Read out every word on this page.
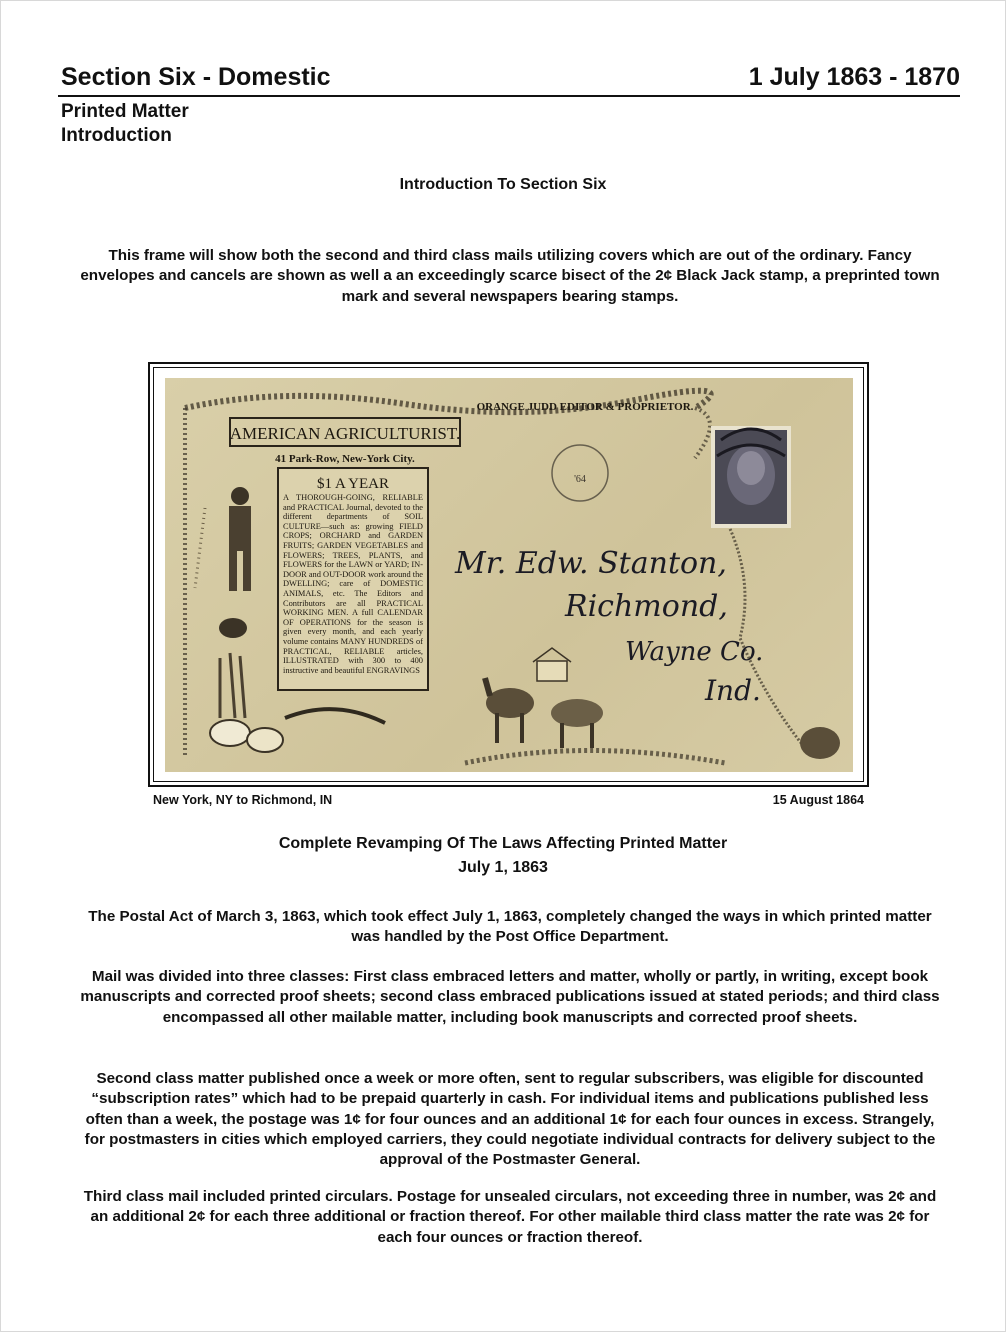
Section Six - Domestic	1 July 1863 - 1870
Printed Matter
Introduction
Introduction To Section Six

This frame will show both the second and third class mails utilizing covers which are out of the ordinary. Fancy envelopes and cancels are shown as well a an exceedingly scarce bisect of the 2¢ Black Jack stamp, a preprinted town mark and several newspapers bearing stamps.

AMERICAN AGRICULTURIST.
41 Park-Row, New-York City.
ORANGE JUDD EDITOR & PROPRIETOR.
$1 A YEAR
A THOROUGH-GOING, RELIABLE and PRACTICAL Journal, devoted to the different departments of SOIL CULTURE—such as: growing FIELD CROPS; ORCHARD and GARDEN FRUITS; GARDEN VEGETABLES and FLOWERS; TREES, PLANTS, and FLOWERS for the LAWN or YARD; IN-DOOR and OUT-DOOR work around the DWELLING; care of DOMESTIC ANIMALS, etc. The Editors and Contributors are all PRACTICAL WORKING MEN. A full CALENDAR OF OPERATIONS for the season is given every month, and each yearly volume contains MANY HUNDREDS of PRACTICAL, RELIABLE articles, ILLUSTRATED with 300 to 400 instructive and beautiful ENGRAVINGS
'64
Mr. Edw. Stanton,
Richmond,
Wayne Co.
Ind.
New York, NY to Richmond, IN	15 August 1864
Complete Revamping Of The Laws Affecting Printed Matter
July 1, 1863

The Postal Act of March 3, 1863, which took effect July 1, 1863, completely changed the ways in which printed matter was handled by the Post Office Department.

Mail was divided into three classes: First class embraced letters and matter, wholly or partly, in writing, except book manuscripts and corrected proof sheets; second class embraced publications issued at stated periods; and third class encompassed all other mailable matter, including book manuscripts and corrected proof sheets.

Second class matter published once a week or more often, sent to regular subscribers, was eligible for discounted “subscription rates” which had to be prepaid quarterly in cash. For individual items and publications published less often than a week, the postage was 1¢ for four ounces and an additional 1¢ for each four ounces in excess. Strangely, for postmasters in cities which employed carriers, they could negotiate individual contracts for delivery subject to the approval of the Postmaster General.

Third class mail included printed circulars. Postage for unsealed circulars, not exceeding three in number, was 2¢ and an additional 2¢ for each three additional or fraction thereof. For other mailable third class matter the rate was 2¢ for each four ounces or fraction thereof.
